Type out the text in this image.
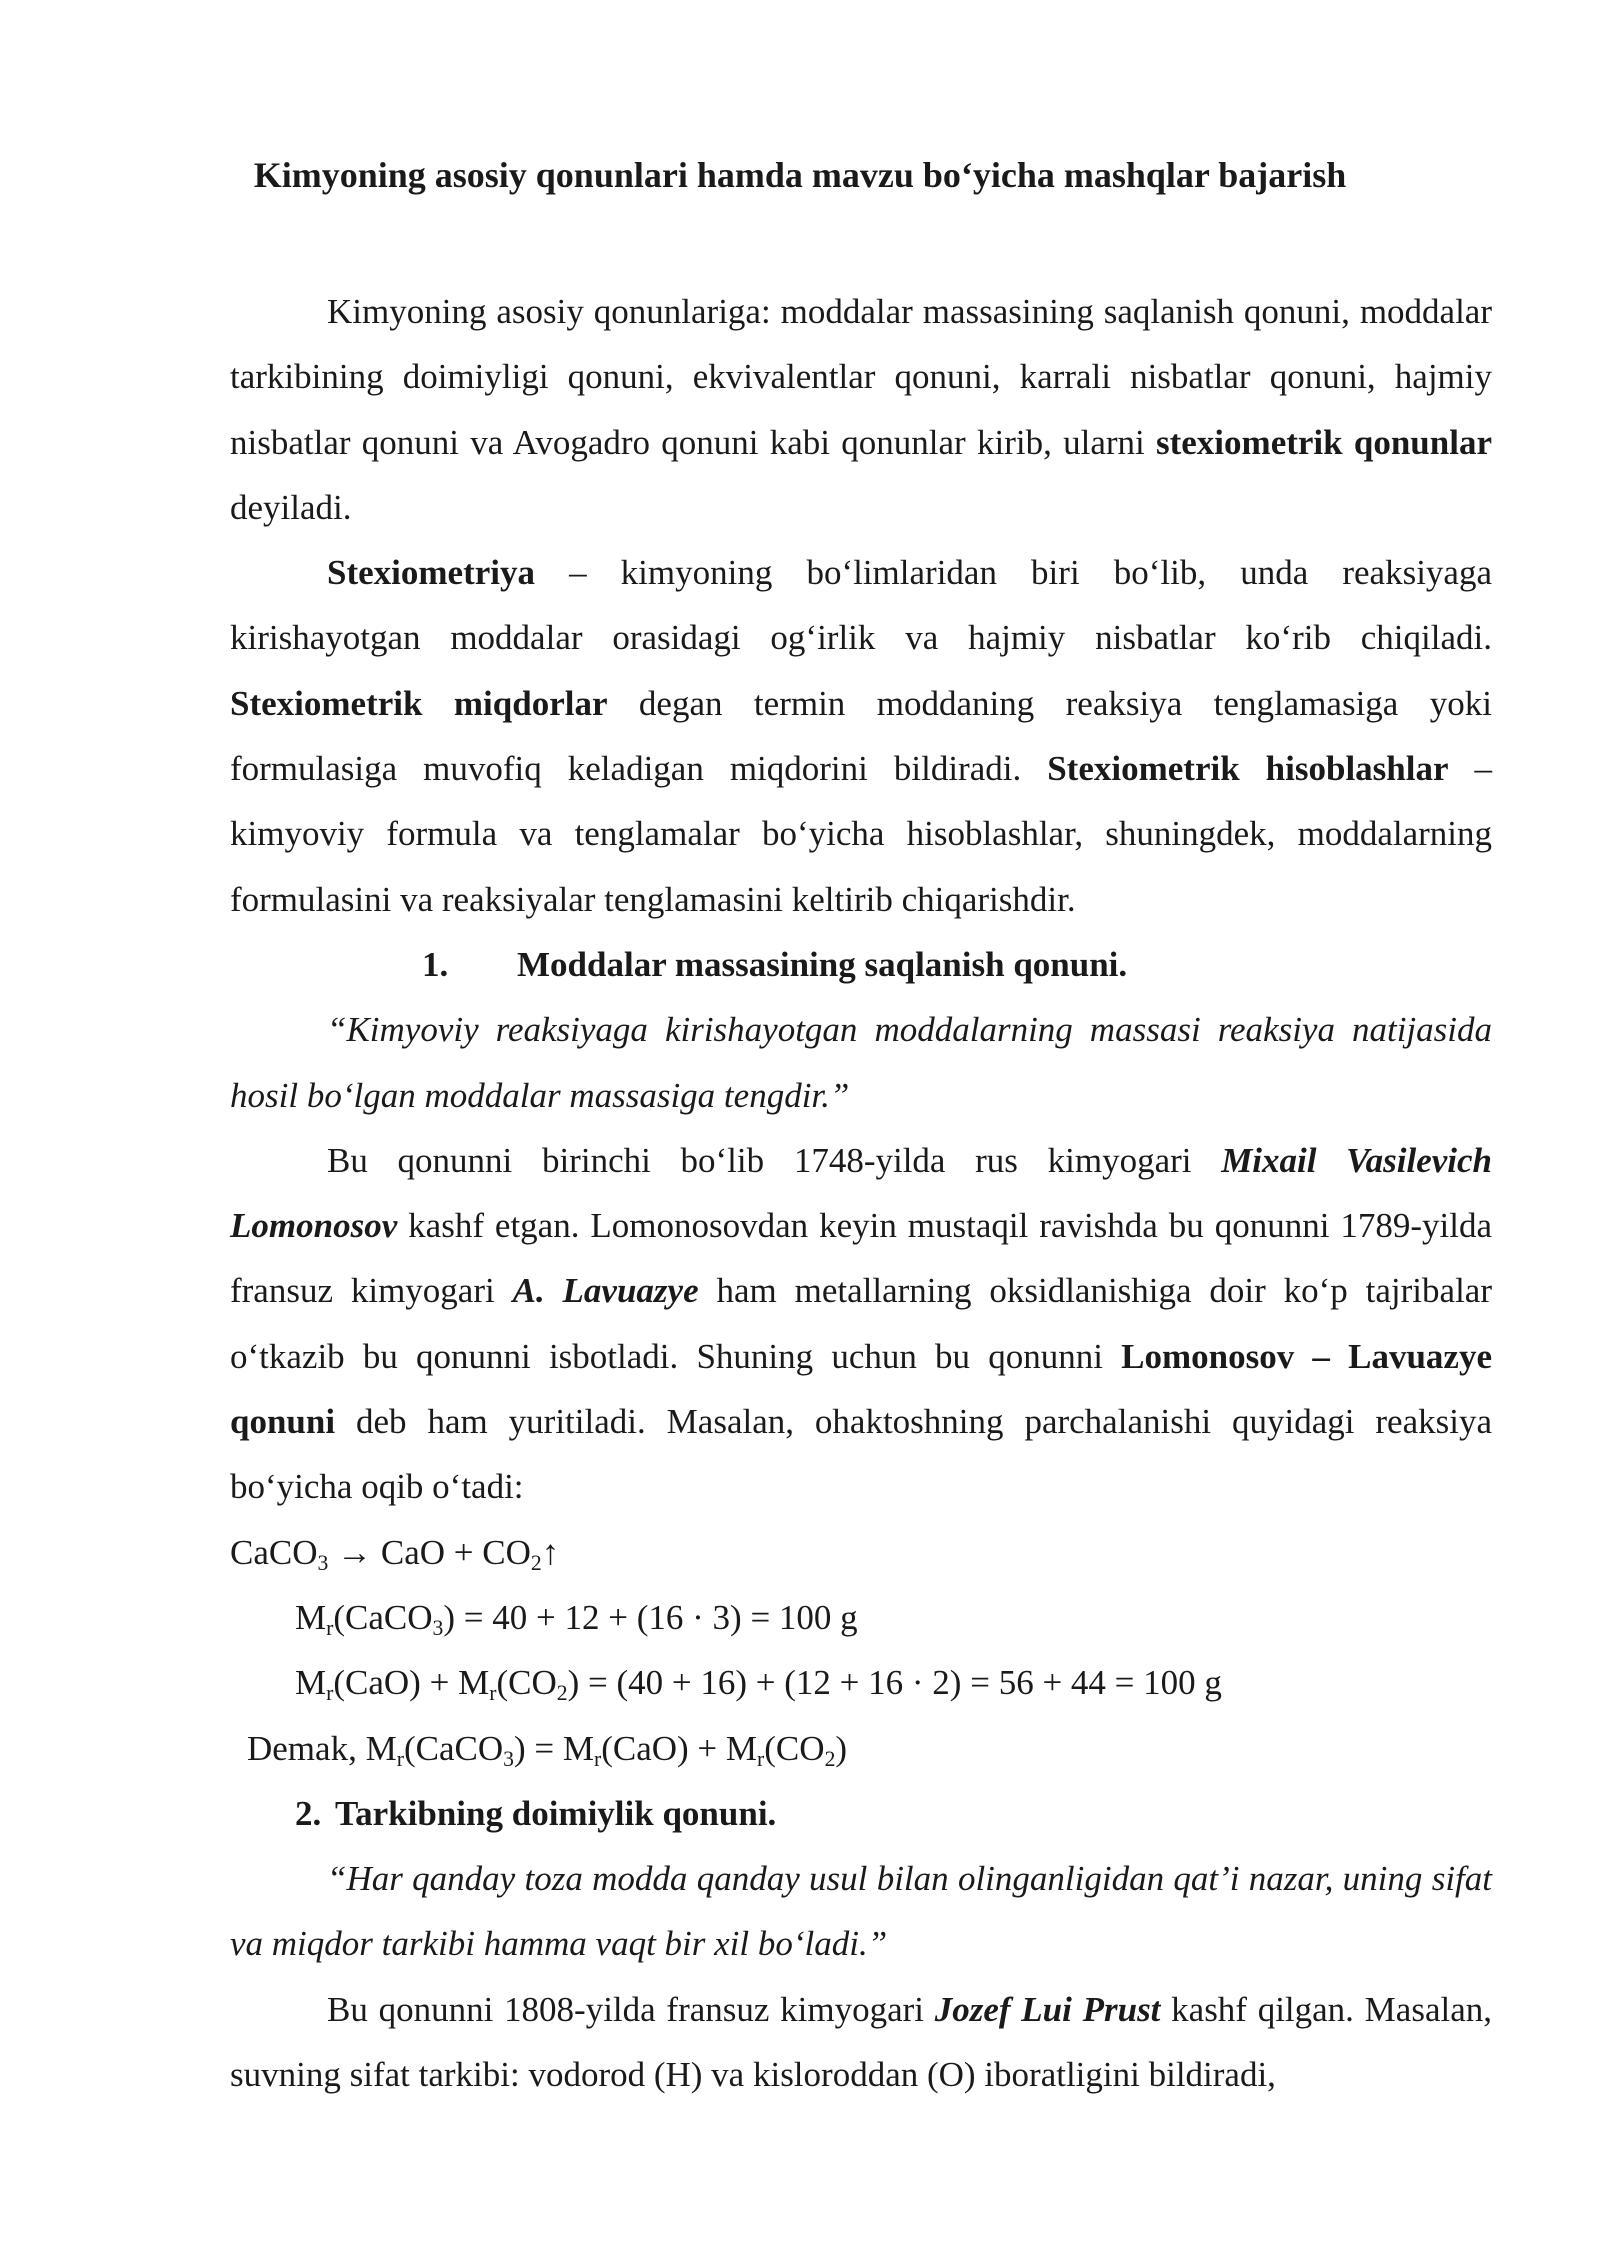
Kimyoning asosiy qonunlari hamda mavzu bo‘yicha mashqlar bajarish

Kimyoning asosiy qonunlariga: moddalar massasining saqlanish qonuni, moddalar tarkibining doimiyligi qonuni, ekvivalentlar qonuni, karrali nisbatlar qonuni, hajmiy nisbatlar qonuni va Avogadro qonuni kabi qonunlar kirib, ularni stexiometrik qonunlar deyiladi.

Stexiometriya – kimyoning bo‘limlaridan biri bo‘lib, unda reaksiyaga kirishayotgan moddalar orasidagi og‘irlik va hajmiy nisbatlar ko‘rib chiqiladi. Stexiometrik miqdorlar degan termin moddaning reaksiya tenglamasiga yoki formulasiga muvofiq keladigan miqdorini bildiradi. Stexiometrik hisoblashlar – kimyoviy formula va tenglamalar bo‘yicha hisoblashlar, shuningdek, moddalarning formulasini va reaksiyalar tenglamasini keltirib chiqarishdir.

1. Moddalar massasining saqlanish qonuni.

“Kimyoviy reaksiyaga kirishayotgan moddalarning massasi reaksiya natijasida hosil bo‘lgan moddalar massasiga tengdir.”

Bu qonunni birinchi bo‘lib 1748-yilda rus kimyogari Mixail Vasilevich Lomonosov kashf etgan. Lomonosovdan keyin mustaqil ravishda bu qonunni 1789-yilda fransuz kimyogari A. Lavuazye ham metallarning oksidlanishiga doir ko‘p tajribalar o‘tkazib bu qonunni isbotladi. Shuning uchun bu qonunni Lomonosov – Lavuazye qonuni deb ham yuritiladi. Masalan, ohaktoshning parchalanishi quyidagi reaksiya bo‘yicha oqib o‘tadi:

CaCO$_3$ → CaO + $CO_2↑$

$M_r(CaCO_3) = 40 + 12 + (16 \cdot 3) = 100$ g

$M_r(CaO) + M_r(CO_2) = (40 + 16) + (12 + 16 \cdot 2) = 56 + 44 = 100$ g

Demak, $M_r(CaCO_3) = M_r(CaO) + M_r(CO_2)$

2. Tarkibning doimiylik qonuni.

“Har qanday toza modda qanday usul bilan olinganligidan qat’i nazar, uning sifat va miqdor tarkibi hamma vaqt bir xil bo‘ladi.”

Bu qonunni 1808-yilda fransuz kimyogari Jozef Lui Prust kashf qilgan. Masalan, suvning sifat tarkibi: vodorod (H) va kisloroddan (O) iboratligini bildiradi,
